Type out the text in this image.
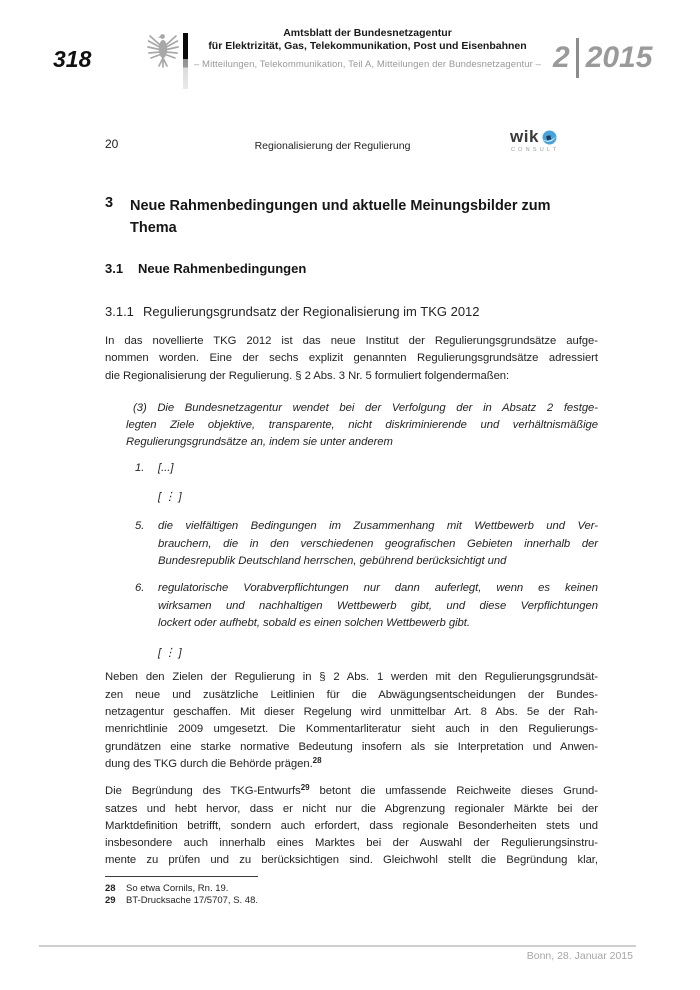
318
Amtsblatt der Bundesnetzagentur
für Elektrizität, Gas, Telekommunikation, Post und Eisenbahnen
– Mitteilungen, Telekommunikation, Teil A, Mitteilungen der Bundesnetzagentur – 2 2015
20	Regionalisierung der Regulierung	wik
CONSULT
3 Neue Rahmenbedingungen und aktuelle Meinungsbilder zum
Thema
3.1 Neue Rahmenbedingungen
3.1.1 Regulierungsgrundsatz der Regionalisierung im TKG 2012
In das novellierte TKG 2012 ist das neue Institut der Regulierungsgrundsätze aufge-
nommen worden. Eine der sechs explizit genannten Regulierungsgrundsätze adressiert
die Regionalisierung der Regulierung. § 2 Abs. 3 Nr. 5 formuliert folgendermaßen:
(3) Die Bundesnetzagentur wendet bei der Verfolgung der in Absatz 2 festge-
legten Ziele objektive, transparente, nicht diskriminierende und verhältnismäßige
Regulierungsgrundsätze an, indem sie unter anderem
1. [...]
[ ⋮ ]
5. die vielfältigen Bedingungen im Zusammenhang mit Wettbewerb und Ver-
brauchern, die in den verschiedenen geografischen Gebieten innerhalb der
Bundesrepublik Deutschland herrschen, gebührend berücksichtigt und
6. regulatorische Vorabverpflichtungen nur dann auferlegt, wenn es keinen
wirksamen und nachhaltigen Wettbewerb gibt, und diese Verpflichtungen
lockert oder aufhebt, sobald es einen solchen Wettbewerb gibt.
[ ⋮ ]
Neben den Zielen der Regulierung in § 2 Abs. 1 werden mit den Regulierungsgrundsät-
zen neue und zusätzliche Leitlinien für die Abwägungsentscheidungen der Bundes-
netzagentur geschaffen. Mit dieser Regelung wird unmittelbar Art. 8 Abs. 5e der Rah-
menrichtlinie 2009 umgesetzt. Die Kommentarliteratur sieht auch in den Regulierungs-
grundätzen eine starke normative Bedeutung insofern als sie Interpretation und Anwen-
dung des TKG durch die Behörde prägen.$^{28}$
Die Begründung des TKG-Entwurfs$^{29}$ betont die umfassende Reichweite dieses Grund-
satzes und hebt hervor, dass er nicht nur die Abgrenzung regionaler Märkte bei der
Marktdefinition betrifft, sondern auch erfordert, dass regionale Besonderheiten stets und
insbesondere auch innerhalb eines Marktes bei der Auswahl der Regulierungsinstru-
mente zu prüfen und zu berücksichtigen sind. Gleichwohl stellt die Begründung klar,
28 So etwa Cornils, Rn. 19.
29 BT-Drucksache 17/5707, S. 48.
Bonn, 28. Januar 2015
